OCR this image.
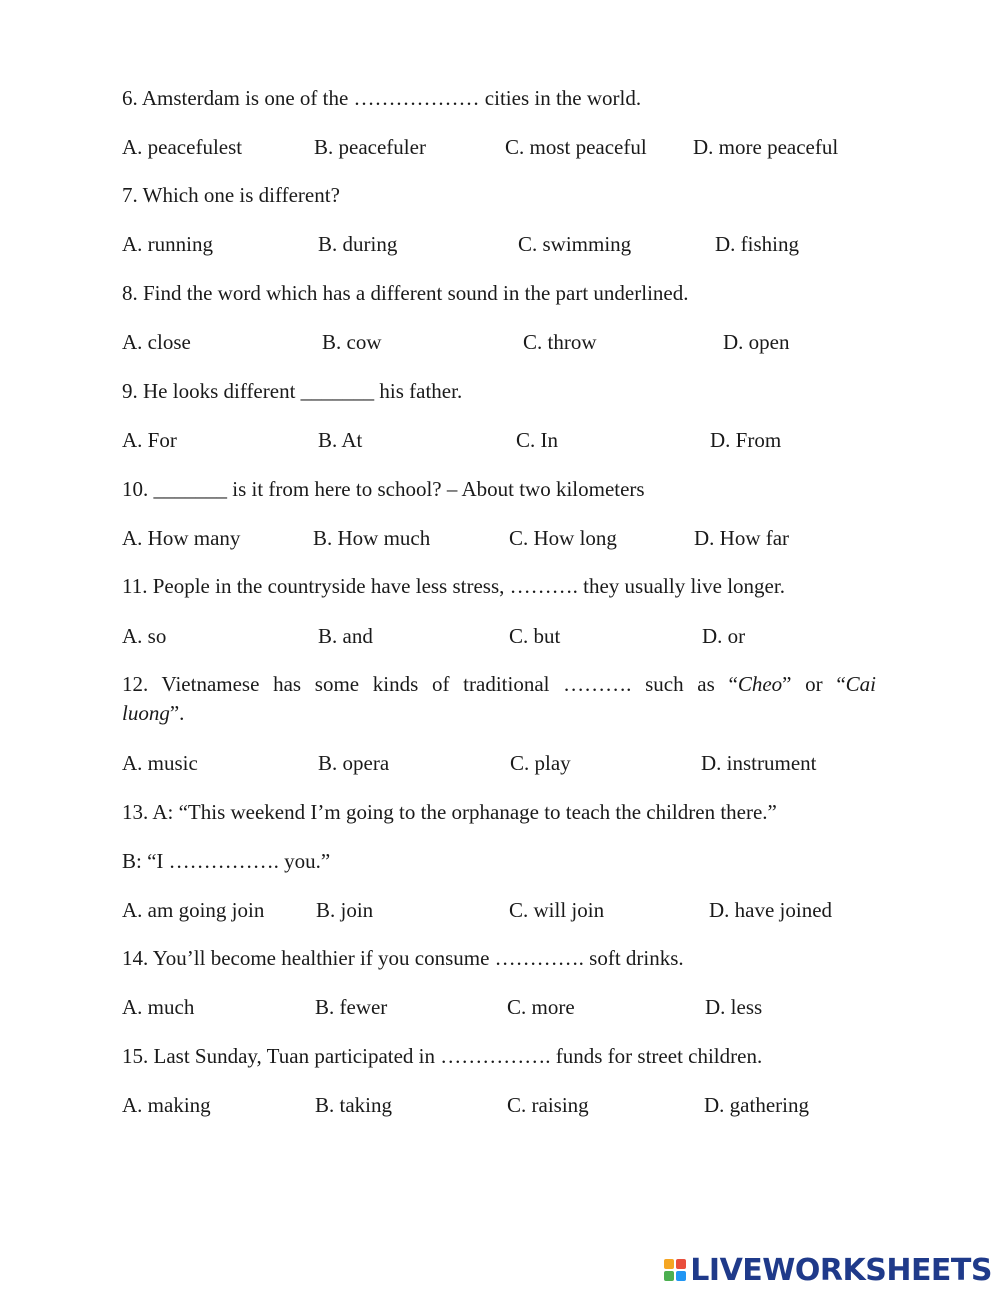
6. Amsterdam is one of the ……………… cities in the world.
A. peacefulest	B. peacefuler	C. most peaceful D. more peaceful
7. Which one is different?
A. running	B. during	C. swimming	D. fishing
8. Find the word which has a different sound in the part underlined.
A. close	B. cow	C. throw	D. open
9. He looks different _______ his father.
A. For	B. At	C. In	D. From
10. _______ is it from here to school? – About two kilometers
A. How many	B. How much	C. How long	D. How far
11. People in the countryside have less stress, ………. they usually live longer.
A. so	B. and	C. but	D. or
12. Vietnamese has some kinds of traditional ………. such as “Cheo” or “Cai
luong”.
A. music	B. opera	C. play	D. instrument
13. A: “This weekend I’m going to the orphanage to teach the children there.”
B: “I ……………. you.”
A. am going join B. join	C. will join	D. have joined
14. You’ll become healthier if you consume …………. soft drinks.
A. much	B. fewer	C. more	D. less
15. Last Sunday, Tuan participated in ……………. funds for street children.
A. making	B. taking	C. raising	D. gathering
LIVEWORKSHEETS
